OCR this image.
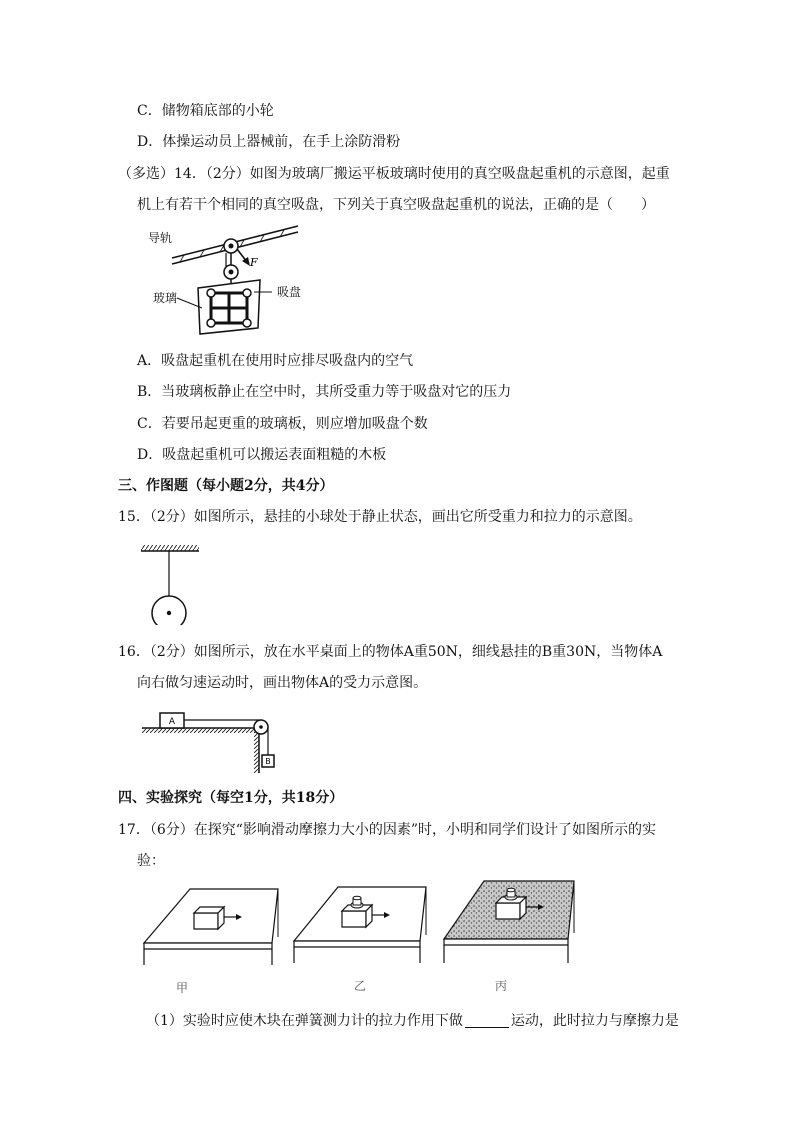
C．储物箱底部的小轮
D．体操运动员上器械前，在手上涂防滑粉
（多选）14．（2分）如图为玻璃厂搬运平板玻璃时使用的真空吸盘起重机的示意图，起重
机上有若干个相同的真空吸盘，下列关于真空吸盘起重机的说法，正确的是（　　）
F
导轨
玻璃	吸盘
A．吸盘起重机在使用时应排尽吸盘内的空气
B．当玻璃板静止在空中时，其所受重力等于吸盘对它的压力
C．若要吊起更重的玻璃板，则应增加吸盘个数
D．吸盘起重机可以搬运表面粗糙的木板
三、作图题（每小题2分，共4分）
15．（2分）如图所示，悬挂的小球处于静止状态，画出它所受重力和拉力的示意图。
16．（2分）如图所示，放在水平桌面上的物体A重50N，细线悬挂的B重30N，当物体A
向右做匀速运动时，画出物体A的受力示意图。
A
B
四、实验探究（每空1分，共18分）
17．（6分）在探究“影响滑动摩擦力大小的因素”时，小明和同学们设计了如图所示的实
验：
甲	乙	丙
（1）实验时应使木块在弹簧测力计的拉力作用下做	运动，此时拉力与摩擦力是
